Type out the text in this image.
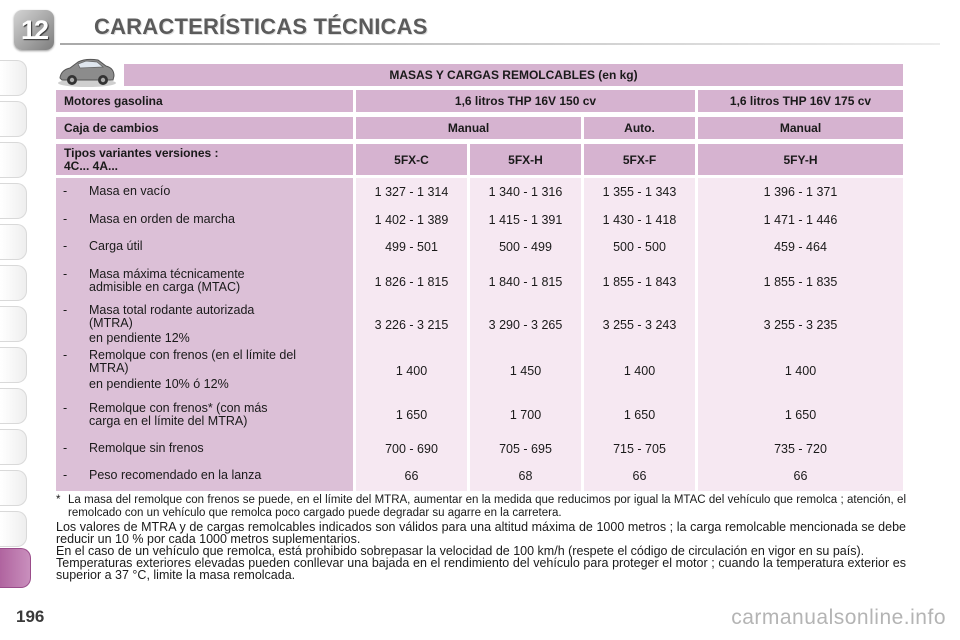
12	CARACTERÍSTICAS TÉCNICAS
MASAS Y CARGAS REMOLCABLES (en kg)
Motores gasolina	1,6 litros THP 16V 150 cv	1,6 litros THP 16V 175 cv
Caja de cambios	Manual	Auto.	Manual
Tipos variantes versiones :
4C... 4A...	5FX-C	5FX-H	5FX-F	5FY-H
- Masa en vacío	1 327 - 1 314	1 340 - 1 316	1 355 - 1 343	1 396 - 1 371
- Masa en orden de marcha	1 402 - 1 389	1 415 - 1 391	1 430 - 1 418	1 471 - 1 446
- Carga útil	499 - 501	500 - 499	500 - 500	459 - 464
- Masa máxima técnicamente
admisible en carga (MTAC)	1 826 - 1 815	1 840 - 1 815	1 855 - 1 843	1 855 - 1 835
- Masa total rodante autorizada
(MTRA)
en pendiente 12%
3 226 - 3 215	3 290 - 3 265	3 255 - 3 243	3 255 - 3 235
- Remolque con frenos (en el límite del
MTRA)
en pendiente 10% ó 12%
1 400	1 450	1 400	1 400
- Remolque con frenos* (con más
carga en el límite del MTRA)	1 650	1 700	1 650	1 650
- Remolque sin frenos	700 - 690	705 - 695	715 - 705	735 - 720
- Peso recomendado en la lanza	66	68	66	66
* La masa del remolque con frenos se puede, en el límite del MTRA, aumentar en la medida que reducimos por igual la MTAC del vehículo que remolca ; atención, el remolcado con un vehículo que remolca poco cargado puede degradar su agarre en la carretera.

Los valores de MTRA y de cargas remolcables indicados son válidos para una altitud máxima de 1000 metros ; la carga remolcable mencionada se debe reducir un 10 % por cada 1000 metros suplementarios.

En el caso de un vehículo que remolca, está prohibido sobrepasar la velocidad de 100 km/h (respete el código de circulación en vigor en su país).

Temperaturas exteriores elevadas pueden conllevar una bajada en el rendimiento del vehículo para proteger el motor ; cuando la temperatura exterior es superior a 37 °C, limite la masa remolcada.

196	carmanualsonline.info
